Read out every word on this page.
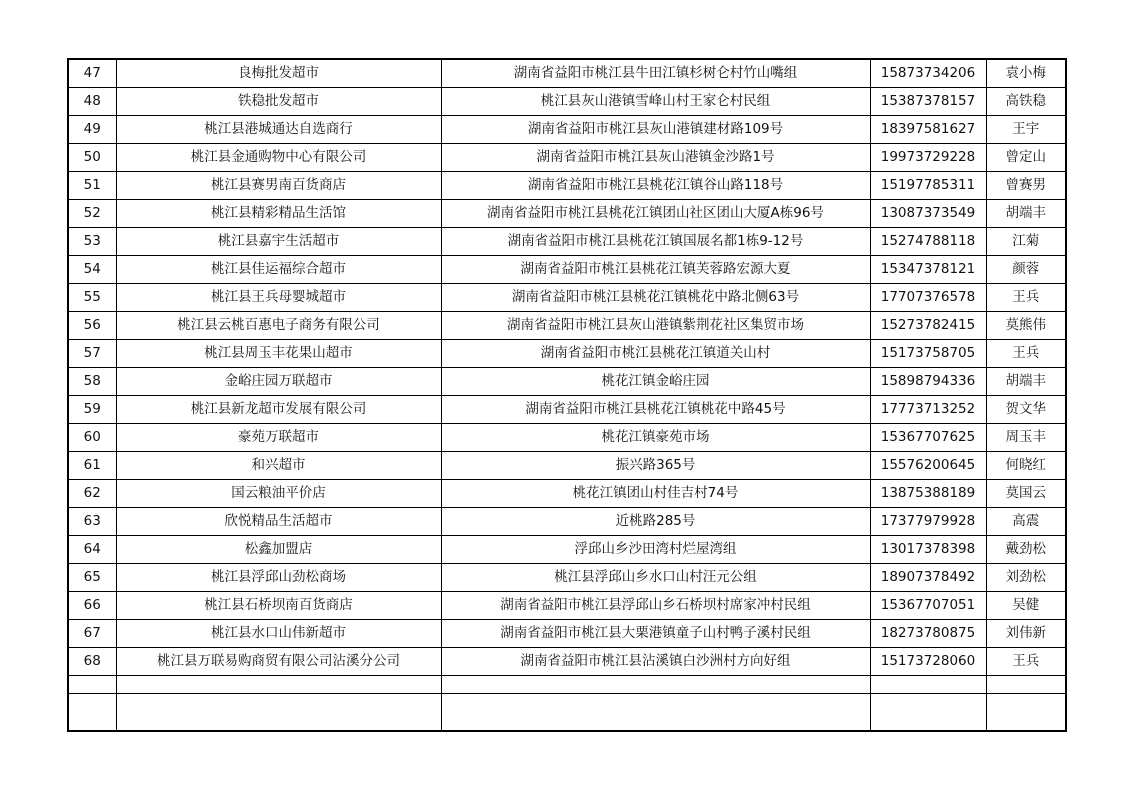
47	良梅批发超市	湖南省益阳市桃江县牛田江镇杉树仑村竹山嘴组	15873734206	袁小梅
48	铁稳批发超市	桃江县灰山港镇雪峰山村王家仑村民组	15387378157	高铁稳
49	桃江县港城通达自选商行	湖南省益阳市桃江县灰山港镇建材路109号	18397581627	王宇
50	桃江县金通购物中心有限公司	湖南省益阳市桃江县灰山港镇金沙路1号	19973729228	曾定山
51	桃江县赛男南百货商店	湖南省益阳市桃江县桃花江镇谷山路118号	15197785311	曾赛男
52	桃江县精彩精品生活馆	湖南省益阳市桃江县桃花江镇团山社区团山大厦A栋96号	13087373549	胡端丰
53	桃江县嘉宇生活超市	湖南省益阳市桃江县桃花江镇国展名都1栋9-12号	15274788118	江菊
54	桃江县佳运福综合超市	湖南省益阳市桃江县桃花江镇芙蓉路宏源大夏	15347378121	颜蓉
55	桃江县王兵母婴城超市	湖南省益阳市桃江县桃花江镇桃花中路北侧63号	17707376578	王兵
56	桃江县云桃百惠电子商务有限公司	湖南省益阳市桃江县灰山港镇紫荆花社区集贸市场	15273782415	莫熊伟
57	桃江县周玉丰花果山超市	湖南省益阳市桃江县桃花江镇道关山村	15173758705	王兵
58	金峪庄园万联超市	桃花江镇金峪庄园	15898794336	胡端丰
59	桃江县新龙超市发展有限公司	湖南省益阳市桃江县桃花江镇桃花中路45号	17773713252	贺文华
60	豪苑万联超市	桃花江镇豪苑市场	15367707625	周玉丰
61	和兴超市	振兴路365号	15576200645	何晓红
62	国云粮油平价店	桃花江镇团山村佳吉村74号	13875388189	莫国云
63	欣悦精品生活超市	近桃路285号	17377979928	高震
64	松鑫加盟店	浮邱山乡沙田湾村烂屋湾组	13017378398	戴劲松
65	桃江县浮邱山劲松商场	桃江县浮邱山乡水口山村汪元公组	18907378492	刘劲松
66	桃江县石桥坝南百货商店	湖南省益阳市桃江县浮邱山乡石桥坝村席家冲村民组	15367707051	吴健
67	桃江县水口山伟新超市	湖南省益阳市桃江县大栗港镇童子山村鸭子溪村民组	18273780875	刘伟新
68	桃江县万联易购商贸有限公司沾溪分公司	湖南省益阳市桃江县沾溪镇白沙洲村方向好组	15173728060	王兵
